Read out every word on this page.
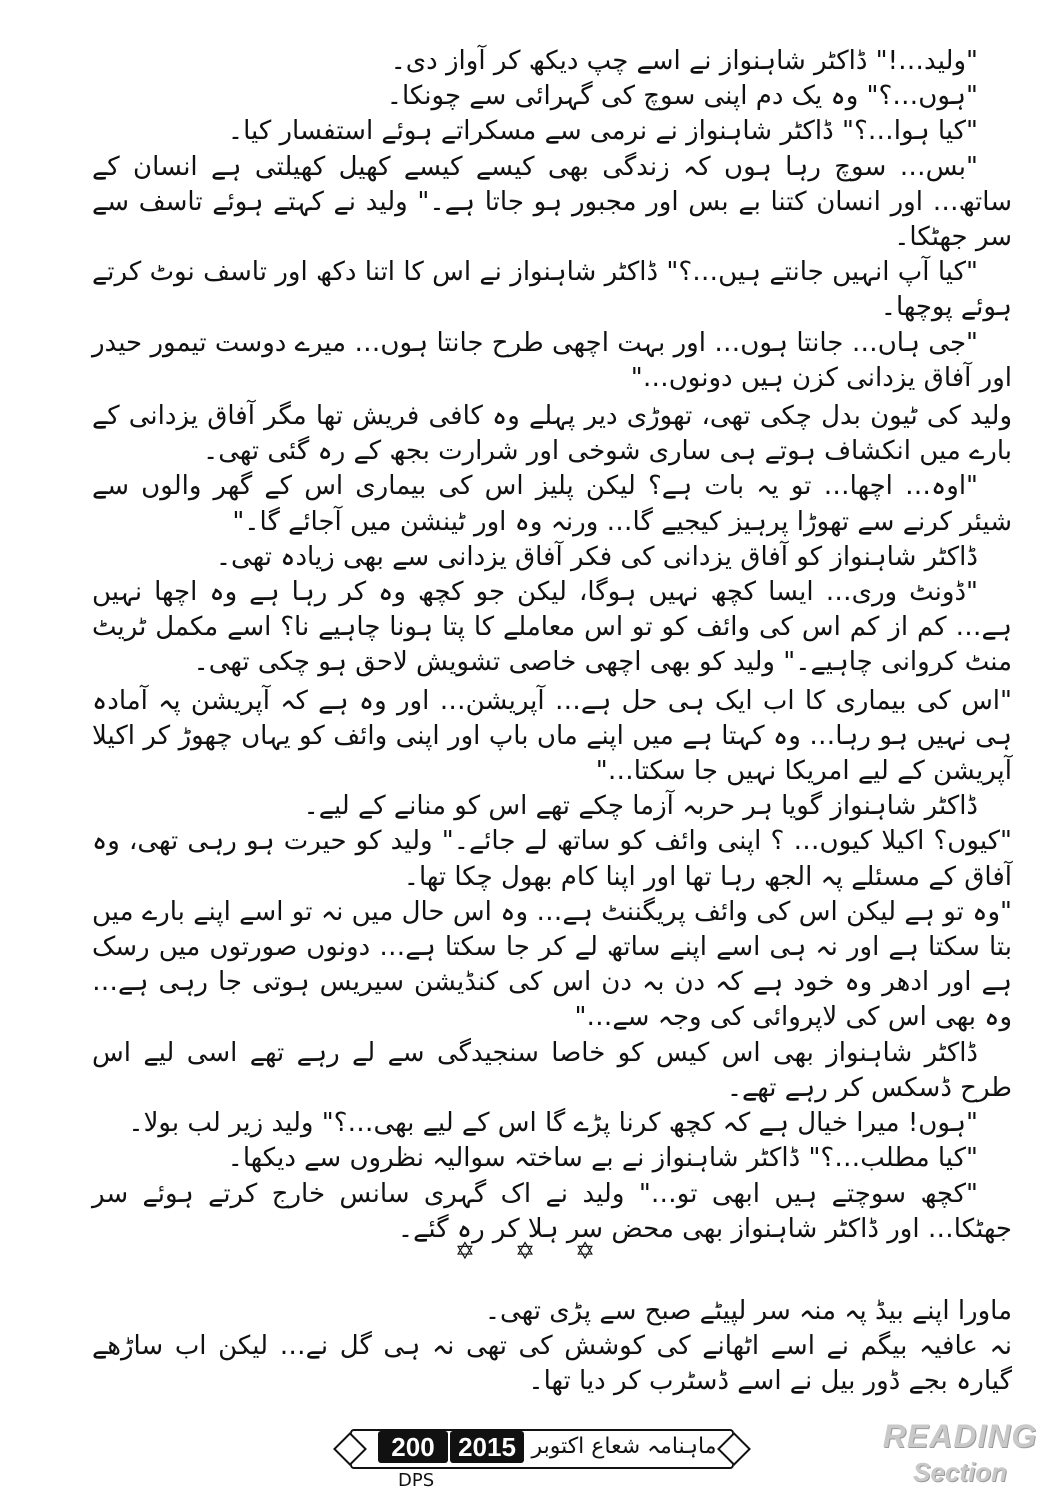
"ولید…!" ڈاکٹر شاہنواز نے اسے چپ دیکھ کر آواز دی۔

"ہوں…؟" وہ یک دم اپنی سوچ کی گہرائی سے چونکا۔

"کیا ہوا…؟" ڈاکٹر شاہنواز نے نرمی سے مسکراتے ہوئے استفسار کیا۔

"بس… سوچ رہا ہوں کہ زندگی بھی کیسے کیسے کھیل کھیلتی ہے انسان کے ساتھ… اور انسان کتنا بے بس اور مجبور ہو جاتا ہے۔" ولید نے کہتے ہوئے تاسف سے سر جھٹکا۔

"کیا آپ انہیں جانتے ہیں…؟" ڈاکٹر شاہنواز نے اس کا اتنا دکھ اور تاسف نوٹ کرتے ہوئے پوچھا۔

"جی ہاں… جانتا ہوں… اور بہت اچھی طرح جانتا ہوں… میرے دوست تیمور حیدر اور آفاق یزدانی کزن ہیں دونوں…"

ولید کی ٹیون بدل چکی تھی، تھوڑی دیر پہلے وہ کافی فریش تھا مگر آفاق یزدانی کے بارے میں انکشاف ہوتے ہی ساری شوخی اور شرارت بجھ کے رہ گئی تھی۔

"اوہ… اچھا… تو یہ بات ہے؟ لیکن پلیز اس کی بیماری اس کے گھر والوں سے شیئر کرنے سے تھوڑا پرہیز کیجیے گا… ورنہ وہ اور ٹینشن میں آجائے گا۔"

ڈاکٹر شاہنواز کو آفاق یزدانی کی فکر آفاق یزدانی سے بھی زیادہ تھی۔

"ڈونٹ وری… ایسا کچھ نہیں ہوگا، لیکن جو کچھ وہ کر رہا ہے وہ اچھا نہیں ہے… کم از کم اس کی وائف کو تو اس معاملے کا پتا ہونا چاہیے نا؟ اسے مکمل ٹریٹ منٹ کروانی چاہیے۔" ولید کو بھی اچھی خاصی تشویش لاحق ہو چکی تھی۔

"اس کی بیماری کا اب ایک ہی حل ہے… آپریشن… اور وہ ہے کہ آپریشن پہ آمادہ ہی نہیں ہو رہا… وہ کہتا ہے میں اپنے ماں باپ اور اپنی وائف کو یہاں چھوڑ کر اکیلا آپریشن کے لیے امریکا نہیں جا سکتا…"

ڈاکٹر شاہنواز گویا ہر حربہ آزما چکے تھے اس کو منانے کے لیے۔

"کیوں؟ اکیلا کیوں… ؟ اپنی وائف کو ساتھ لے جائے۔" ولید کو حیرت ہو رہی تھی، وہ آفاق کے مسئلے پہ الجھ رہا تھا اور اپنا کام بھول چکا تھا۔

"وہ تو ہے لیکن اس کی وائف پریگننٹ ہے… وہ اس حال میں نہ تو اسے اپنے بارے میں بتا سکتا ہے اور نہ ہی اسے اپنے ساتھ لے کر جا سکتا ہے… دونوں صورتوں میں رسک ہے اور ادھر وہ خود ہے کہ دن بہ دن اس کی کنڈیشن سیریس ہوتی جا رہی ہے… وہ بھی اس کی لاپروائی کی وجہ سے…"

ڈاکٹر شاہنواز بھی اس کیس کو خاصا سنجیدگی سے لے رہے تھے اسی لیے اس طرح ڈسکس کر رہے تھے۔

"ہوں! میرا خیال ہے کہ کچھ کرنا پڑے گا اس کے لیے بھی…؟" ولید زیر لب بولا۔

"کیا مطلب…؟" ڈاکٹر شاہنواز نے بے ساختہ سوالیہ نظروں سے دیکھا۔

"کچھ سوچتے ہیں ابھی تو…" ولید نے اک گہری سانس خارج کرتے ہوئے سر جھٹکا… اور ڈاکٹر شاہنواز بھی محض سر ہلا کر رہ گئے۔

✡✡✡

ماورا اپنے بیڈ پہ منہ سر لپیٹے صبح سے پڑی تھی۔

نہ عافیہ بیگم نے اسے اٹھانے کی کوشش کی تھی نہ ہی گل نے… لیکن اب ساڑھے گیارہ بجے ڈور بیل نے اسے ڈسٹرب کر دیا تھا۔

200 2015 ماہنامہ شعاع اکتوبر
DPS
READING
Section
